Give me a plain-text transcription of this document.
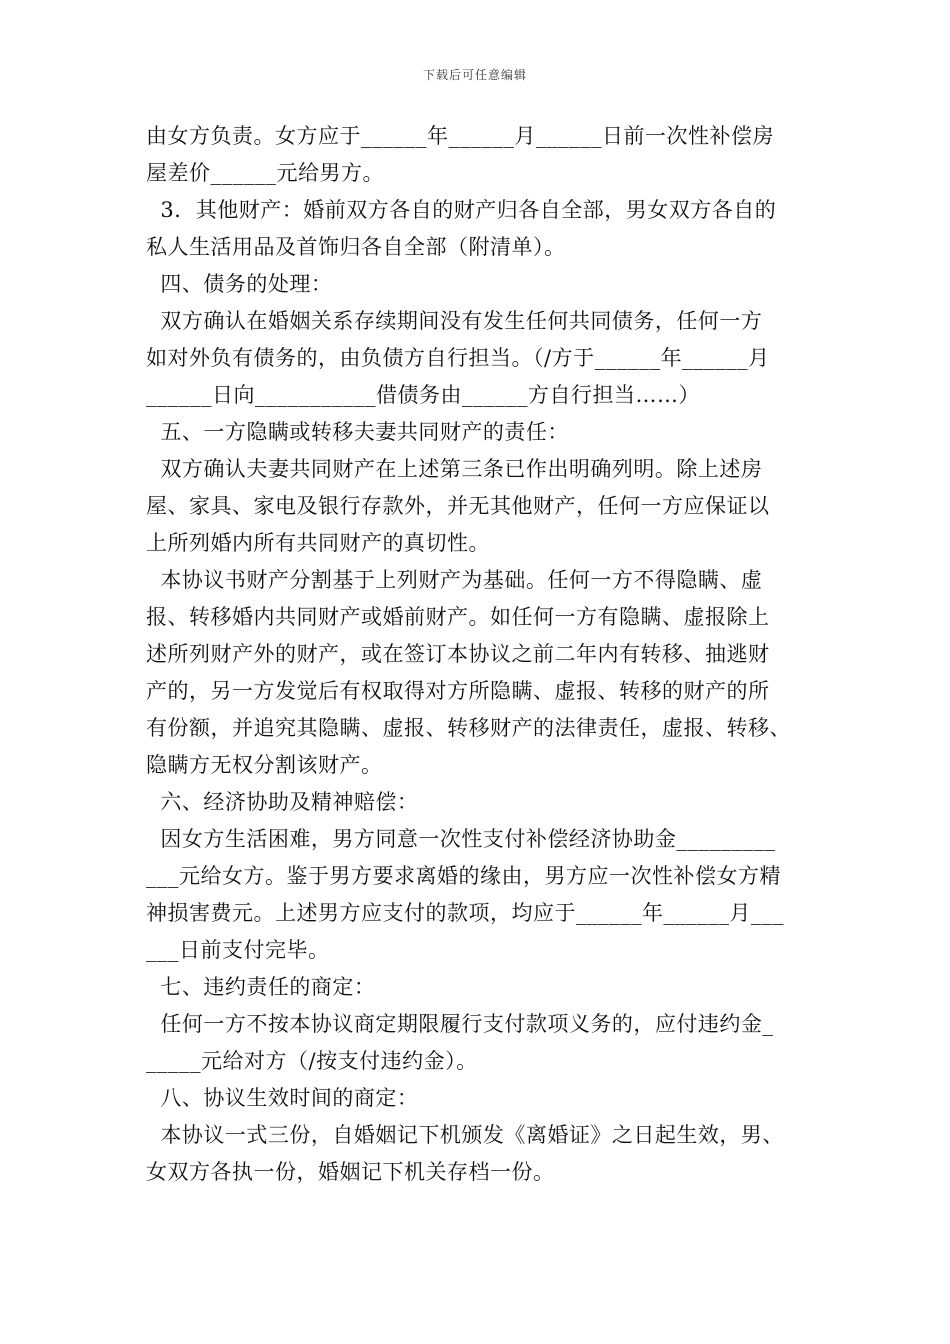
下载后可任意编辑
由女方负责。女方应于______年______月______日前一次性补偿房
屋差价______元给男方。
3．其他财产：婚前双方各自的财产归各自全部，男女双方各自的
私人生活用品及首饰归各自全部（附清单）。
四、债务的处理：
双方确认在婚姻关系存续期间没有发生任何共同债务，任何一方
如对外负有债务的，由负债方自行担当。（/方于______年______月
______日向___________借债务由______方自行担当……）
五、一方隐瞒或转移夫妻共同财产的责任：
双方确认夫妻共同财产在上述第三条已作出明确列明。除上述房
屋、家具、家电及银行存款外，并无其他财产，任何一方应保证以
上所列婚内所有共同财产的真切性。
本协议书财产分割基于上列财产为基础。任何一方不得隐瞒、虚
报、转移婚内共同财产或婚前财产。如任何一方有隐瞒、虚报除上
述所列财产外的财产，或在签订本协议之前二年内有转移、抽逃财
产的，另一方发觉后有权取得对方所隐瞒、虚报、转移的财产的所
有份额，并追究其隐瞒、虚报、转移财产的法律责任，虚报、转移、
隐瞒方无权分割该财产。
六、经济协助及精神赔偿：
因女方生活困难，男方同意一次性支付补偿经济协助金_________
___元给女方。鉴于男方要求离婚的缘由，男方应一次性补偿女方精
神损害费元。上述男方应支付的款项，均应于______年______月___
___日前支付完毕。
七、违约责任的商定：
任何一方不按本协议商定期限履行支付款项义务的，应付违约金_
_____元给对方（/按支付违约金）。
八、协议生效时间的商定：
本协议一式三份，自婚姻记下机颁发《离婚证》之日起生效，男、
女双方各执一份，婚姻记下机关存档一份。
